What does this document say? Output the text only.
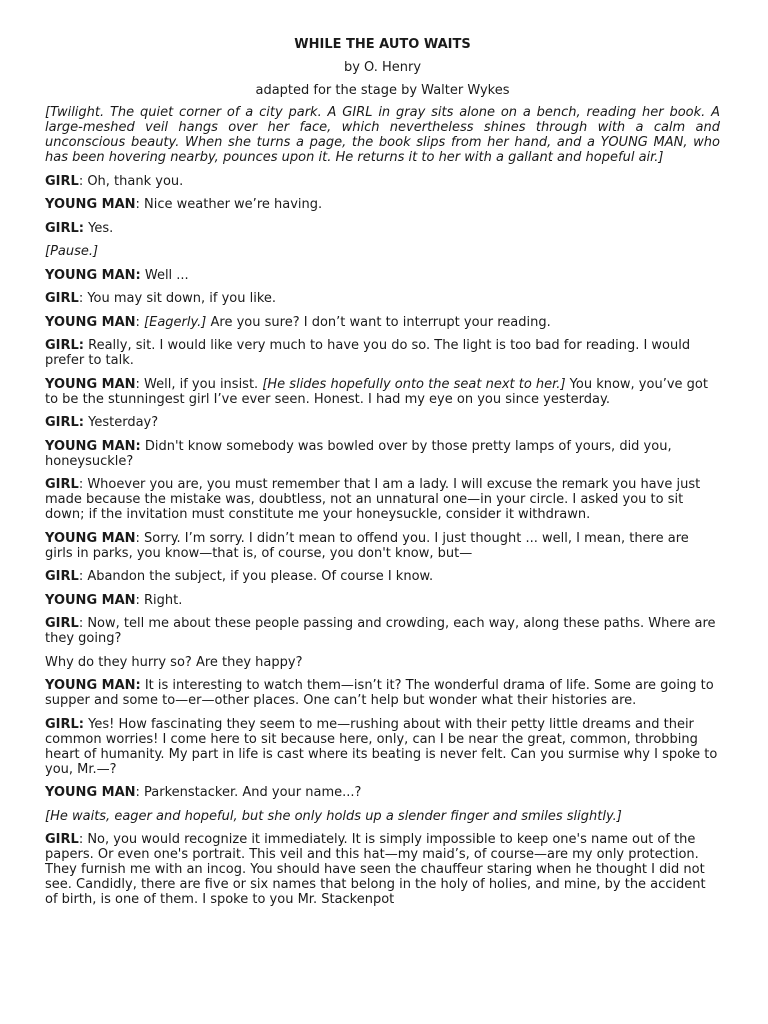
WHILE THE AUTO WAITS
by O. Henry
adapted for the stage by Walter Wykes
[Twilight. The quiet corner of a city park. A GIRL in gray sits alone on a bench, reading her book. A large-meshed veil hangs over her face, which nevertheless shines through with a calm and unconscious beauty. When she turns a page, the book slips from her hand, and a YOUNG MAN, who has been hovering nearby, pounces upon it. He returns it to her with a gallant and hopeful air.]
GIRL: Oh, thank you.
YOUNG MAN: Nice weather we’re having.
GIRL: Yes.
[Pause.]
YOUNG MAN: Well ...
GIRL: You may sit down, if you like.
YOUNG MAN: [Eagerly.] Are you sure? I don’t want to interrupt your reading.
GIRL: Really, sit. I would like very much to have you do so. The light is too bad for reading. I would prefer to talk.
YOUNG MAN: Well, if you insist. [He slides hopefully onto the seat next to her.] You know, you’ve got to be the stunningest girl I’ve ever seen. Honest. I had my eye on you since yesterday.
GIRL: Yesterday?
YOUNG MAN: Didn't know somebody was bowled over by those pretty lamps of yours, did you, honeysuckle?
GIRL: Whoever you are, you must remember that I am a lady. I will excuse the remark you have just made because the mistake was, doubtless, not an unnatural one—in your circle. I asked you to sit down; if the invitation must constitute me your honeysuckle, consider it withdrawn.
YOUNG MAN: Sorry. I’m sorry. I didn’t mean to offend you. I just thought ... well, I mean, there are girls in parks, you know—that is, of course, you don't know, but—
GIRL: Abandon the subject, if you please. Of course I know.
YOUNG MAN: Right.
GIRL: Now, tell me about these people passing and crowding, each way, along these paths. Where are they going?
Why do they hurry so? Are they happy?
YOUNG MAN: It is interesting to watch them—isn’t it? The wonderful drama of life. Some are going to supper and some to—er—other places. One can’t help but wonder what their histories are.
GIRL: Yes! How fascinating they seem to me—rushing about with their petty little dreams and their common worries! I come here to sit because here, only, can I be near the great, common, throbbing heart of humanity. My part in life is cast where its beating is never felt. Can you surmise why I spoke to you, Mr.—?
YOUNG MAN: Parkenstacker. And your name...?
[He waits, eager and hopeful, but she only holds up a slender finger and smiles slightly.]
GIRL: No, you would recognize it immediately. It is simply impossible to keep one's name out of the papers. Or even one's portrait. This veil and this hat—my maid’s, of course—are my only protection. They furnish me with an incog. You should have seen the chauffeur staring when he thought I did not see. Candidly, there are five or six names that belong in the holy of holies, and mine, by the accident of birth, is one of them. I spoke to you Mr. Stackenpot
